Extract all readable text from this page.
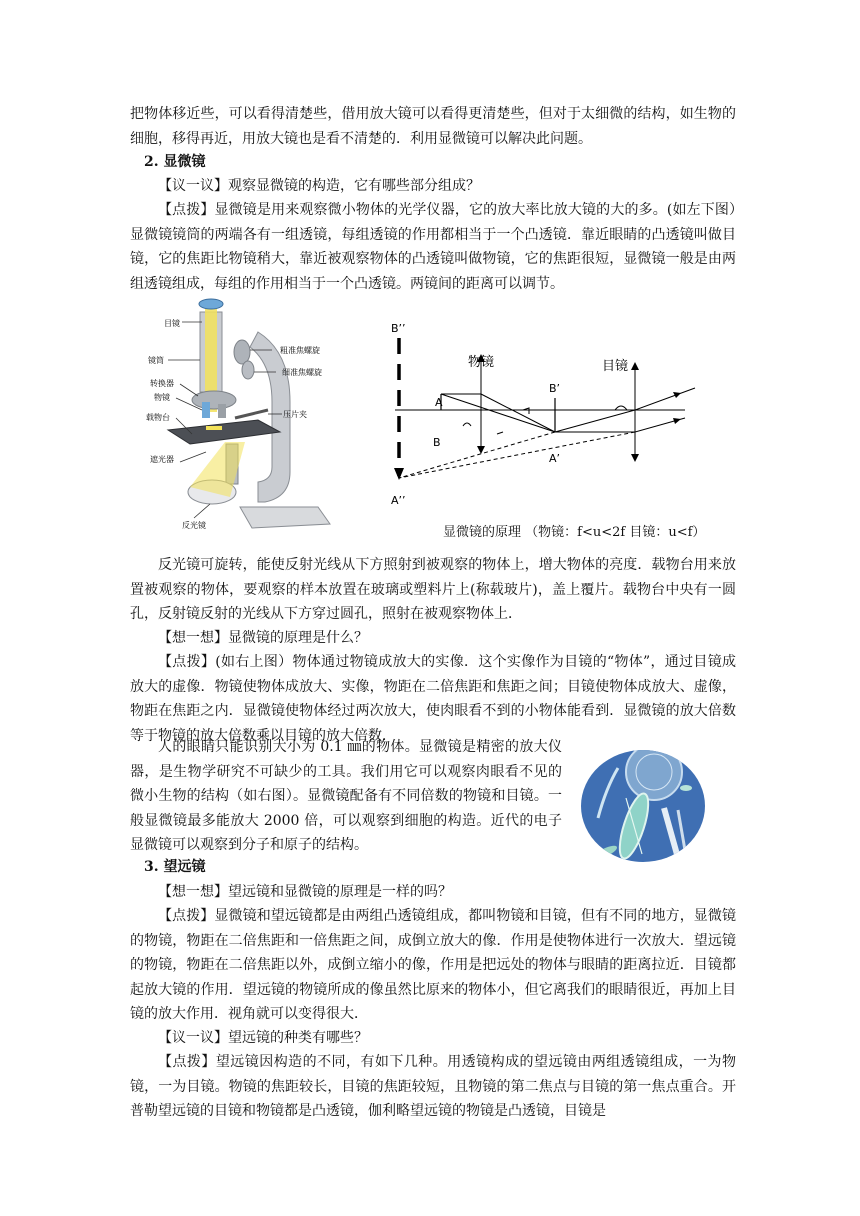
把物体移近些，可以看得清楚些，借用放大镜可以看得更清楚些，但对于太细微的结构，如生物的细胞，移得再近，用放大镜也是看不清楚的．利用显微镜可以解决此问题。

2. 显微镜

【议一议】观察显微镜的构造，它有哪些部分组成？

【点拨】显微镜是用来观察微小物体的光学仪器，它的放大率比放大镜的大的多。(如左下图）显微镜镜筒的两端各有一组透镜，每组透镜的作用都相当于一个凸透镜．靠近眼睛的凸透镜叫做目镜，它的焦距比物镜稍大，靠近被观察物体的凸透镜叫做物镜，它的焦距很短，显微镜一般是由两组透镜组成，每组的作用相当于一个凸透镜。两镜间的距离可以调节。

目镜
镜筒
转换器
物镜
载物台
遮光器
反光镜
粗准焦螺旋
细准焦螺旋
压片夹
B’’
A’’
物镜	目镜
B’
A’
A
B
显微镜的原理 （物镜：f<u<2f 目镜：u<f）

反光镜可旋转，能使反射光线从下方照射到被观察的物体上，增大物体的亮度．载物台用来放置被观察的物体，要观察的样本放置在玻璃或塑料片上(称载玻片)，盖上覆片。载物台中央有一圆孔，反射镜反射的光线从下方穿过圆孔，照射在被观察物体上．

【想一想】显微镜的原理是什么？

【点拨】(如右上图）物体通过物镜成放大的实像．这个实像作为目镜的“物体”，通过目镜成放大的虚像．物镜使物体成放大、实像，物距在二倍焦距和焦距之间；目镜使物体成放大、虚像，物距在焦距之内．显微镜使物体经过两次放大，使肉眼看不到的小物体能看到．显微镜的放大倍数等于物镜的放大倍数乘以目镜的放大倍数．

人的眼睛只能识别大小为 0.1 ㎜的物体。显微镜是精密的放大仪器，是生物学研究不可缺少的工具。我们用它可以观察肉眼看不见的微小生物的结构（如右图）。显微镜配备有不同倍数的物镜和目镜。一般显微镜最多能放大 2000 倍，可以观察到细胞的构造。近代的电子显微镜可以观察到分子和原子的结构。

3. 望远镜

【想一想】望远镜和显微镜的原理是一样的吗？

【点拨】显微镜和望远镜都是由两组凸透镜组成，都叫物镜和目镜，但有不同的地方，显微镜的物镜，物距在二倍焦距和一倍焦距之间，成倒立放大的像．作用是使物体进行一次放大．望远镜的物镜，物距在二倍焦距以外，成倒立缩小的像，作用是把远处的物体与眼睛的距离拉近．目镜都起放大镜的作用．望远镜的物镜所成的像虽然比原来的物体小，但它离我们的眼睛很近，再加上目镜的放大作用．视角就可以变得很大．

【议一议】望远镜的种类有哪些？

【点拨】望远镜因构造的不同，有如下几种。用透镜构成的望远镜由两组透镜组成，一为物镜，一为目镜。物镜的焦距较长，目镜的焦距较短，且物镜的第二焦点与目镜的第一焦点重合。开普勒望远镜的目镜和物镜都是凸透镜，伽利略望远镜的物镜是凸透镜，目镜是
